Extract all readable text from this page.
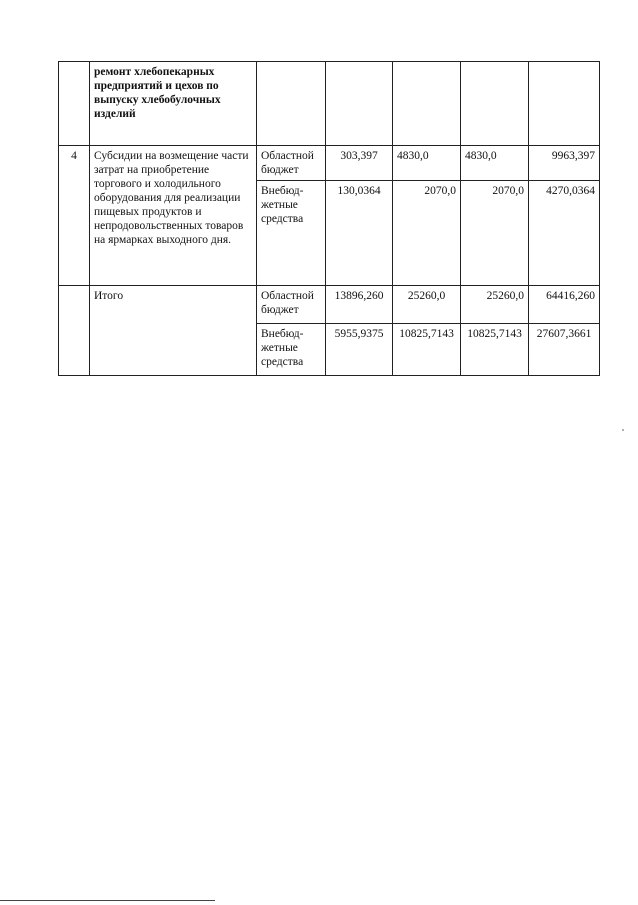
	ремонт хлебопекарных предприятий и цехов по выпуску хлебобулочных изделий					
4	Субсидии на возмещение части затрат на приобретение торгового и холодильного оборудования для реализации пищевых продуктов и непродовольственных товаров на ярмарках выходного дня.	Областной бюджет	303,397	4830,0	4830,0	9963,397
		Внебюд-жетные средства	130,0364	2070,0	2070,0	4270,0364
	Итого	Областной бюджет	13896,260	25260,0	25260,0	64416,260
		Внебюд-жетные средства	5955,9375	10825,7143	10825,7143	27607,3661
